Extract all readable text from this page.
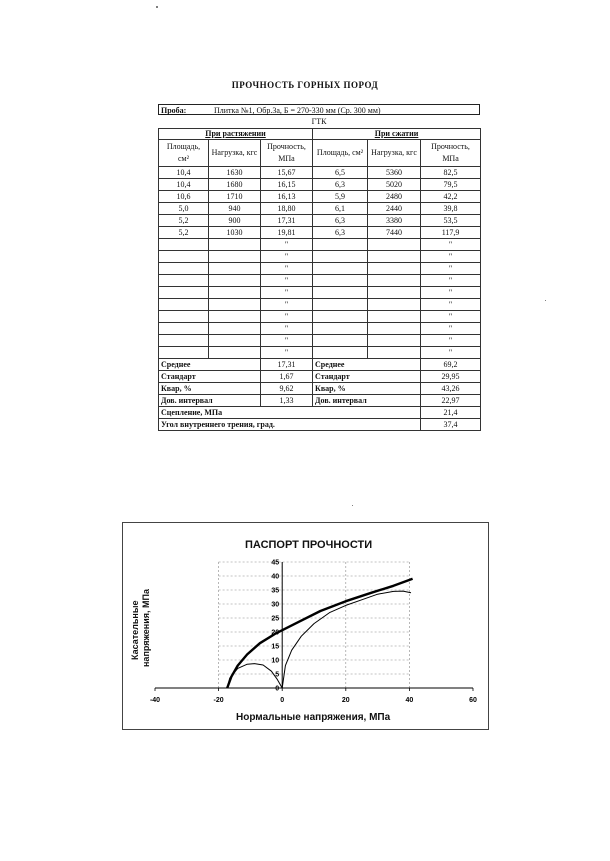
ПРОЧНОСТЬ ГОРНЫХ ПОРОД
Проба:	Плитка №1, Обр.3а, Б = 270-330 мм (Ср. 300 мм)
ГТК
При растяжении			При сжатии		
Площадь, см²	Нагрузка, кгс	Прочность, МПа	Площадь, см²	Нагрузка, кгс	Прочность, МПа
10,4	1630	15,67	6,5	5360	82,5
10,4	1680	16,15	6,3	5020	79,5
10,6	1710	16,13	5,9	2480	42,2
5,0	940	18,80	6,1	2440	39,8
5,2	900	17,31	6,3	3380	53,5
5,2	1030	19,81	6,3	7440	117,9
		"			"
		"			"
		"			"
		"			"
		"			"
		"			"
		"			"
		"			"
		"			"
		"			"
Среднее		17,31	Среднее		69,2
Стандарт		1,67	Стандарт		29,95
Квар, %		9,62	Квар, %		43,26
Дов. интервал		1,33	Дов. интервал		22,97
Сцепление, МПа					21,4
Угол внутреннего трения, град.					37,4
ПАСПОРТ ПРОЧНОСТИ
Касательные напряжения, МПа
Нормальные напряжения, МПа
0
5
10
15
20
25
30
35
40
45
-40	-20	0	20	40	60
